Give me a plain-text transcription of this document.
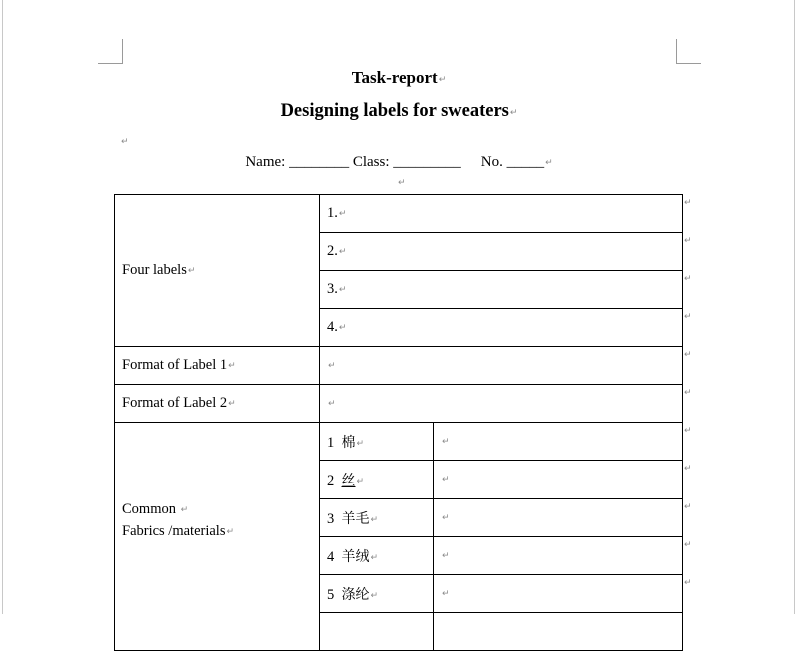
Task-report↵
Designing labels for sweaters↵
↵
Name: ________ Class: _________ No. _____↵
↵
Four labels↵	1.↵	
	2.↵	
	3.↵	
	4.↵	
Format of Label 1↵	↵	
Format of Label 2↵	↵	
Common ↵
Fabrics /materials↵	1 棉↵	↵
	2 丝↵	↵
	3 羊毛↵	↵
	4 羊绒↵	↵
	5 涤纶↵	↵

↵
↵
↵
↵
↵
↵
↵
↵
↵
↵
↵
